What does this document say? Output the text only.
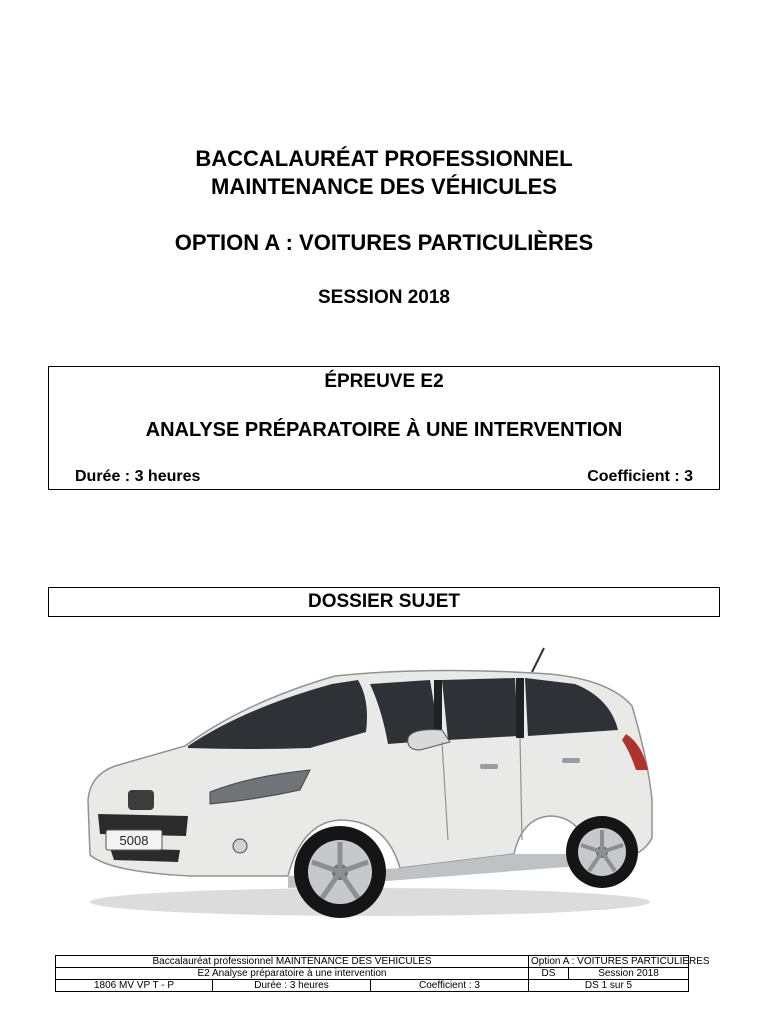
BACCALAURÉAT PROFESSIONNEL
MAINTENANCE DES VÉHICULES
OPTION A : VOITURES PARTICULIÈRES
SESSION 2018
ÉPREUVE E2
ANALYSE PRÉPARATOIRE À UNE INTERVENTION
Durée : 3 heures	Coefficient : 3
DOSSIER SUJET
5008
Baccalauréat professionnel MAINTENANCE DES VEHICULES			Option A : VOITURES PARTICULIERES	
E2 Analyse préparatoire à une intervention			DS	Session 2018
1806 MV VP T - P	Durée : 3 heures	Coefficient : 3	DS 1 sur 5	
